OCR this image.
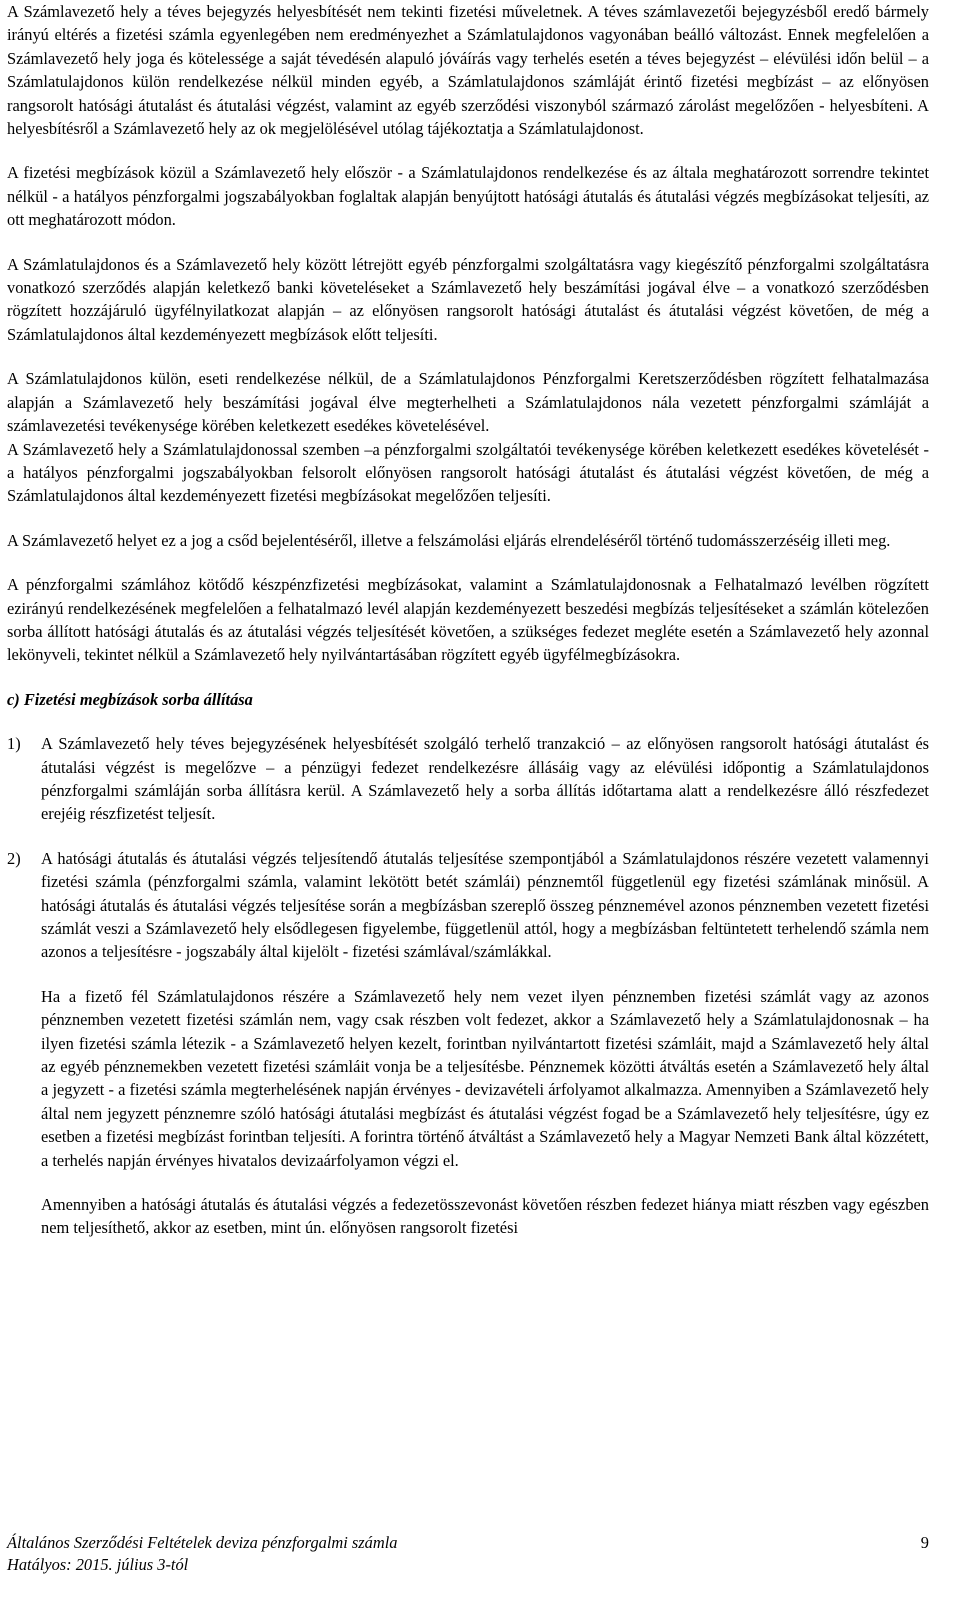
A Számlavezető hely a téves bejegyzés helyesbítését nem tekinti fizetési műveletnek. A téves számlavezetői bejegyzésből eredő bármely irányú eltérés a fizetési számla egyenlegében nem eredményezhet a Számlatulajdonos vagyonában beálló változást. Ennek megfelelően a Számlavezető hely joga és kötelessége a saját tévedésén alapuló jóváírás vagy terhelés esetén a téves bejegyzést – elévülési időn belül – a Számlatulajdonos külön rendelkezése nélkül minden egyéb, a Számlatulajdonos számláját érintő fizetési megbízást – az előnyösen rangsorolt hatósági átutalást és átutalási végzést, valamint az egyéb szerződési viszonyból származó zárolást megelőzően - helyesbíteni. A helyesbítésről a Számlavezető hely az ok megjelölésével utólag tájékoztatja a Számlatulajdonost.

A fizetési megbízások közül a Számlavezető hely először - a Számlatulajdonos rendelkezése és az általa meghatározott sorrendre tekintet nélkül - a hatályos pénzforgalmi jogszabályokban foglaltak alapján benyújtott hatósági átutalás és átutalási végzés megbízásokat teljesíti, az ott meghatározott módon.

A Számlatulajdonos és a Számlavezető hely között létrejött egyéb pénzforgalmi szolgáltatásra vagy kiegészítő pénzforgalmi szolgáltatásra vonatkozó szerződés alapján keletkező banki követeléseket a Számlavezető hely beszámítási jogával élve – a vonatkozó szerződésben rögzített hozzájáruló ügyfélnyilatkozat alapján – az előnyösen rangsorolt hatósági átutalást és átutalási végzést követően, de még a Számlatulajdonos által kezdeményezett megbízások előtt teljesíti.

A Számlatulajdonos külön, eseti rendelkezése nélkül, de a Számlatulajdonos Pénzforgalmi Keretszerződésben rögzített felhatalmazása alapján a Számlavezető hely beszámítási jogával élve megterhelheti a Számlatulajdonos nála vezetett pénzforgalmi számláját a számlavezetési tevékenysége körében keletkezett esedékes követelésével.

A Számlavezető hely a Számlatulajdonossal szemben –a pénzforgalmi szolgáltatói tevékenysége körében keletkezett esedékes követelését - a hatályos pénzforgalmi jogszabályokban felsorolt előnyösen rangsorolt hatósági átutalást és átutalási végzést követően, de még a Számlatulajdonos által kezdeményezett fizetési megbízásokat megelőzően teljesíti.

A Számlavezető helyet ez a jog a csőd bejelentéséről, illetve a felszámolási eljárás elrendeléséről történő tudomásszerzéséig illeti meg.

A pénzforgalmi számlához kötődő készpénzfizetési megbízásokat, valamint a Számlatulajdonosnak a Felhatalmazó levélben rögzített ezirányú rendelkezésének megfelelően a felhatalmazó levél alapján kezdeményezett beszedési megbízás teljesítéseket a számlán kötelezően sorba állított hatósági átutalás és az átutalási végzés teljesítését követően, a szükséges fedezet megléte esetén a Számlavezető hely azonnal lekönyveli, tekintet nélkül a Számlavezető hely nyilvántartásában rögzített egyéb ügyfélmegbízásokra.

c) Fizetési megbízások sorba állítása

1)	A Számlavezető hely téves bejegyzésének helyesbítését szolgáló terhelő tranzakció – az előnyösen rangsorolt hatósági átutalást és átutalási végzést is megelőzve – a pénzügyi fedezet rendelkezésre állásáig vagy az elévülési időpontig a Számlatulajdonos pénzforgalmi számláján sorba állításra kerül. A Számlavezető hely a sorba állítás időtartama alatt a rendelkezésre álló részfedezet erejéig részfizetést teljesít.
2)	A hatósági átutalás és átutalási végzés teljesítendő átutalás teljesítése szempontjából a Számlatulajdonos részére vezetett valamennyi fizetési számla (pénzforgalmi számla, valamint lekötött betét számlái) pénznemtől függetlenül egy fizetési számlának minősül. A hatósági átutalás és átutalási végzés teljesítése során a megbízásban szereplő összeg pénznemével azonos pénznemben vezetett fizetési számlát veszi a Számlavezető hely elsődlegesen figyelembe, függetlenül attól, hogy a megbízásban feltüntetett terhelendő számla nem azonos a teljesítésre - jogszabály által kijelölt - fizetési számlával/számlákkal.

Ha a fizető fél Számlatulajdonos részére a Számlavezető hely nem vezet ilyen pénznemben fizetési számlát vagy az azonos pénznemben vezetett fizetési számlán nem, vagy csak részben volt fedezet, akkor a Számlavezető hely a Számlatulajdonosnak – ha ilyen fizetési számla létezik - a Számlavezető helyen kezelt, forintban nyilvántartott fizetési számláit, majd a Számlavezető hely által az egyéb pénznemekben vezetett fizetési számláit vonja be a teljesítésbe. Pénznemek közötti átváltás esetén a Számlavezető hely által a jegyzett - a fizetési számla megterhelésének napján érvényes - devizavételi árfolyamot alkalmazza. Amennyiben a Számlavezető hely által nem jegyzett pénznemre szóló hatósági átutalási megbízást és átutalási végzést fogad be a Számlavezető hely teljesítésre, úgy ez esetben a fizetési megbízást forintban teljesíti. A forintra történő átváltást a Számlavezető hely a Magyar Nemzeti Bank által közzétett, a terhelés napján érvényes hivatalos devizaárfolyamon végzi el.

Amennyiben a hatósági átutalás és átutalási végzés a fedezetösszevonást követően részben fedezet hiánya miatt részben vagy egészben nem teljesíthető, akkor az esetben, mint ún. előnyösen rangsorolt fizetési

Általános Szerződési Feltételek deviza pénzforgalmi számla	9
Hatályos: 2015. július 3-tól
